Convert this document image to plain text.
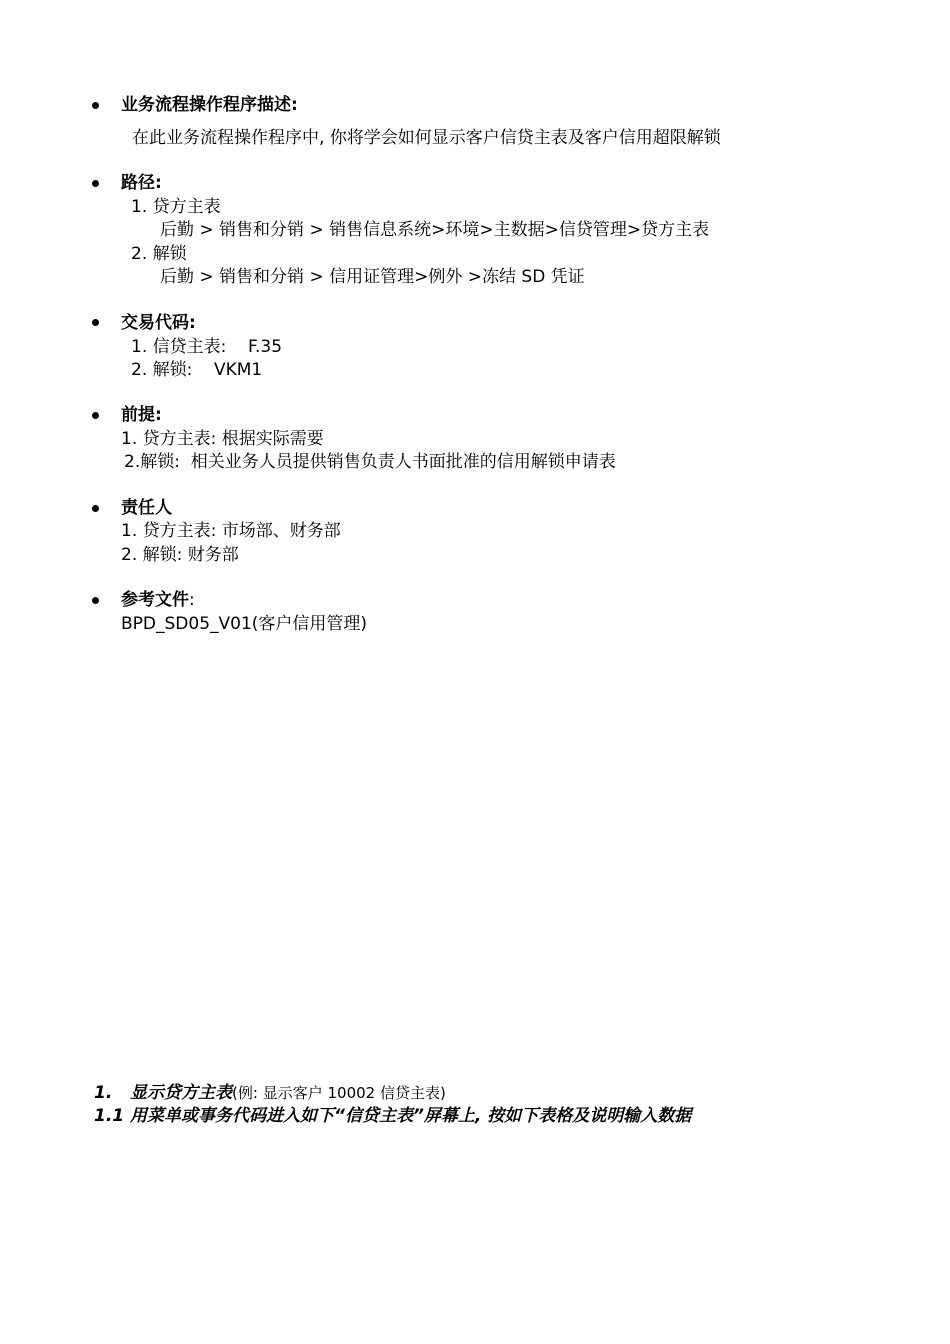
业务流程操作程序描述:
在此业务流程操作程序中, 你将学会如何显示客户信贷主表及客户信用超限解锁
路径:
1. 贷方主表
后勤 > 销售和分销 > 销售信息系统>环境>主数据>信贷管理>贷方主表
2. 解锁
后勤 > 销售和分销 > 信用证管理>例外 >冻结 SD 凭证
交易代码:
1. 信贷主表:    F.35
2. 解锁:    VKM1
前提:
1. 贷方主表: 根据实际需要
2.解锁:  相关业务人员提供销售负责人书面批准的信用解锁申请表
责任人
1. 贷方主表: 市场部、财务部
2. 解锁: 财务部
参考文件:
BPD_SD05_V01(客户信用管理)
1.   显示贷方主表(例: 显示客户 10002 信贷主表)
1.1 用菜单或事务代码进入如下“信贷主表”屏幕上, 按如下表格及说明输入数据
